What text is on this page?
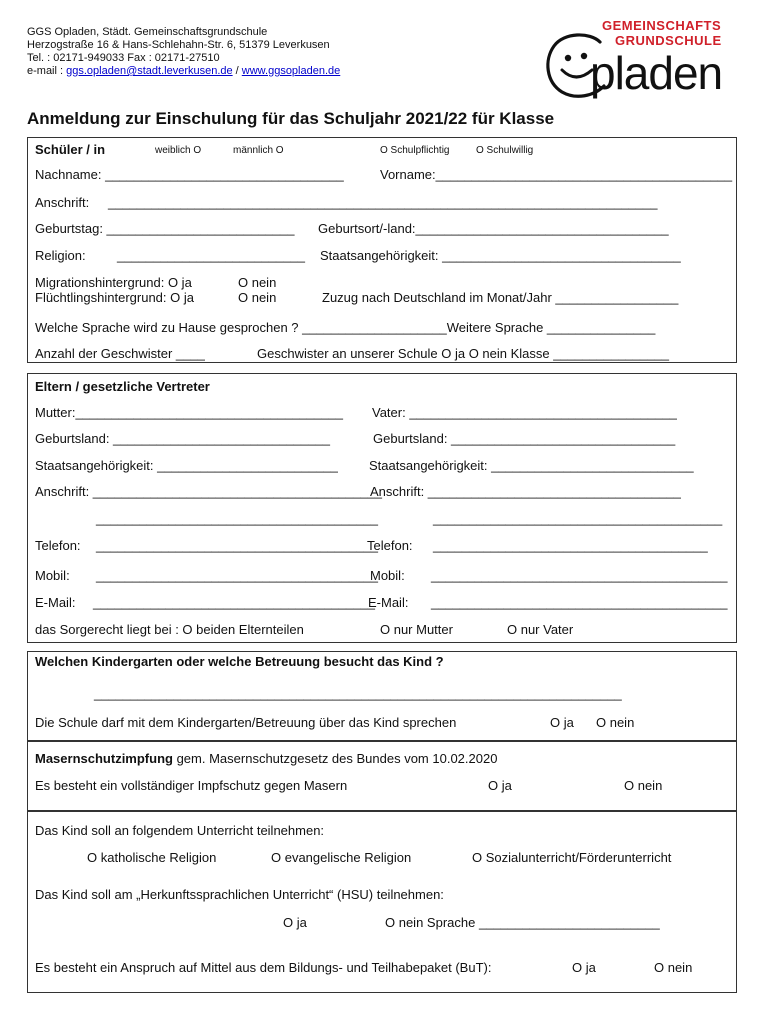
GGS Opladen, Städt. Gemeinschaftsgrundschule
Herzogstraße 16 & Hans-Schlehahn-Str. 6, 51379 Leverkusen
Tel. : 02171-949033 Fax : 02171-27510
e-mail : ggs.opladen@stadt.leverkusen.de / www.ggsopladen.de
GEMEINSCHAFTS
GRUNDSCHULE
pladen
Anmeldung zur Einschulung für das Schuljahr 2021/22 für Klasse
Schüler / in	weiblich O	männlich O	O Schulpflichtig	O Schulwillig
Nachname: _________________________________	Vorname:_________________________________________
Anschrift: ____________________________________________________________________________
Geburtstag: __________________________ Geburtsort/-land:___________________________________
Religion: __________________________ Staatsangehörigkeit: _________________________________
Migrationshintergrund: O ja	O nein
Flüchtlingshintergrund: O ja	O nein	Zuzug nach Deutschland im Monat/Jahr _________________
Welche Sprache wird zu Hause gesprochen ? ____________________Weitere Sprache _______________
Anzahl der Geschwister ____	Geschwister an unserer Schule O ja O nein Klasse ________________
Eltern / gesetzliche Vertreter
Mutter:_____________________________________ Vater: _____________________________________
Geburtsland: ______________________________	Geburtsland: _______________________________
Staatsangehörigkeit: _________________________ Staatsangehörigkeit: ____________________________
Anschrift: ________________________________________
Anschrift: ___________________________________
_______________________________________	________________________________________
Telefon: _______________________________________
Telefon: ______________________________________
Mobil: _______________________________________
Mobil: _________________________________________
E-Mail: _______________________________________
E-Mail: _________________________________________
das Sorgerecht liegt bei : O beiden Elternteilen	O nur Mutter	O nur Vater
Welchen Kindergarten oder welche Betreuung besucht das Kind ?
_________________________________________________________________________
Die Schule darf mit dem Kindergarten/Betreuung über das Kind sprechen	O ja O nein
Masernschutzimpfung gem. Masernschutzgesetz des Bundes vom 10.02.2020
Es besteht ein vollständiger Impfschutz gegen Masern	O ja	O nein
Das Kind soll an folgendem Unterricht teilnehmen:
O katholische Religion	O evangelische Religion	O Sozialunterricht/Förderunterricht
Das Kind soll am „Herkunftssprachlichen Unterricht“ (HSU) teilnehmen:
O ja	O nein Sprache _________________________
Es besteht ein Anspruch auf Mittel aus dem Bildungs- und Teilhabepaket (BuT):	O ja	O nein
